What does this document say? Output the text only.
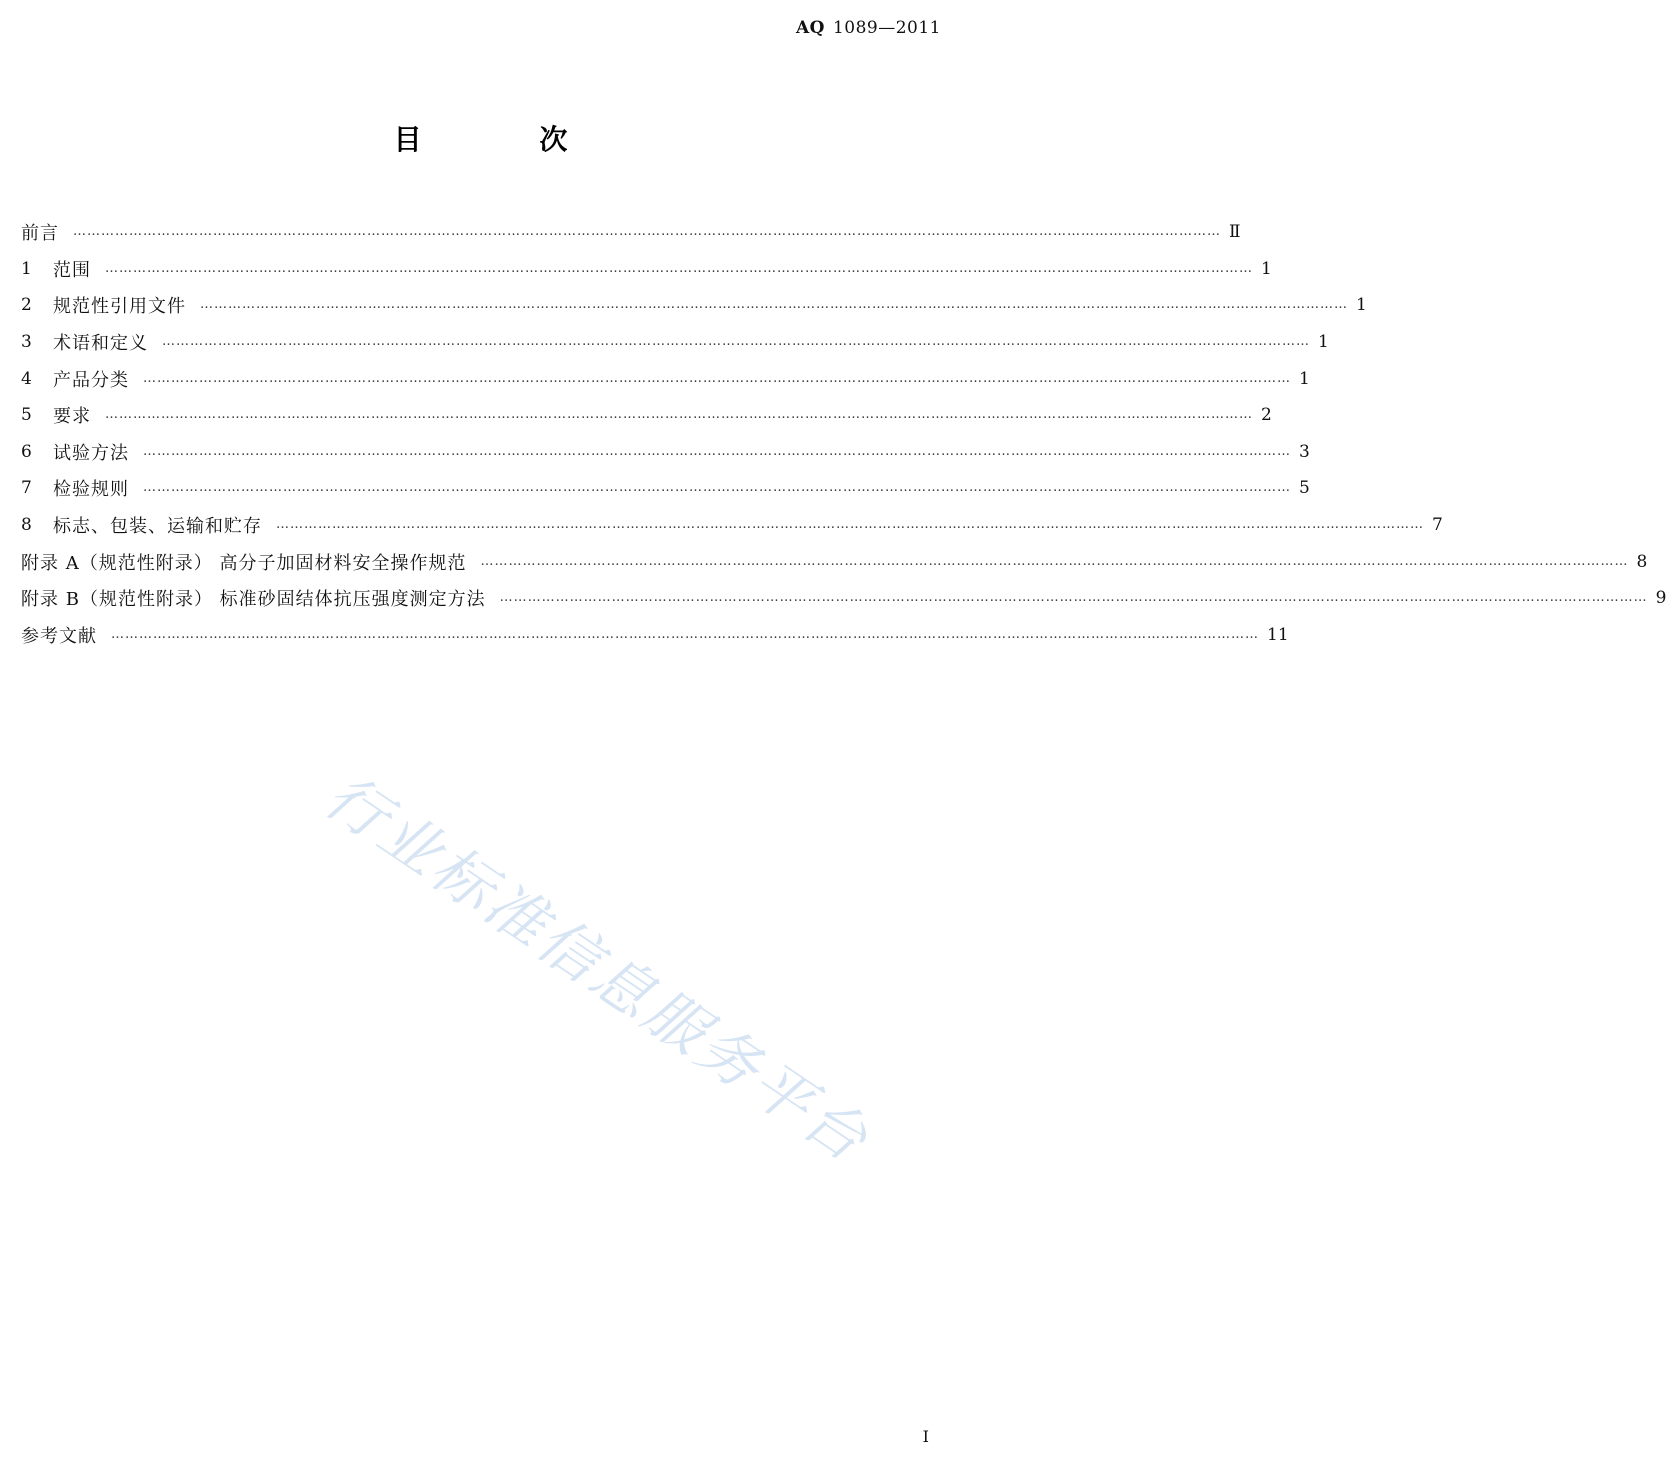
AQ 1089—2011
目 次
前言 ………………………………………………………………………………………………………………………………………………………………………………………………………………………… Ⅱ
1	范围 ………………………………………………………………………………………………………………………………………………………………………………………………………………………… 1
2	规范性引用文件 ………………………………………………………………………………………………………………………………………………………………………………………………………………………… 1
3	术语和定义 ………………………………………………………………………………………………………………………………………………………………………………………………………………………… 1
4	产品分类 ………………………………………………………………………………………………………………………………………………………………………………………………………………………… 1
5	要求 ………………………………………………………………………………………………………………………………………………………………………………………………………………………… 2
6	试验方法 ………………………………………………………………………………………………………………………………………………………………………………………………………………………… 3
7	检验规则 ………………………………………………………………………………………………………………………………………………………………………………………………………………………… 5
8	标志、包装、运输和贮存 ………………………………………………………………………………………………………………………………………………………………………………………………………………………… 7
附录 A（规范性附录） 高分子加固材料安全操作规范 ………………………………………………………………………………………………………………………………………………………………………………………………………………………… 8
附录 B（规范性附录） 标准砂固结体抗压强度测定方法 ………………………………………………………………………………………………………………………………………………………………………………………………………………………… 9
参考文献 ………………………………………………………………………………………………………………………………………………………………………………………………………………………… 11
行业标准信息服务平台
I
